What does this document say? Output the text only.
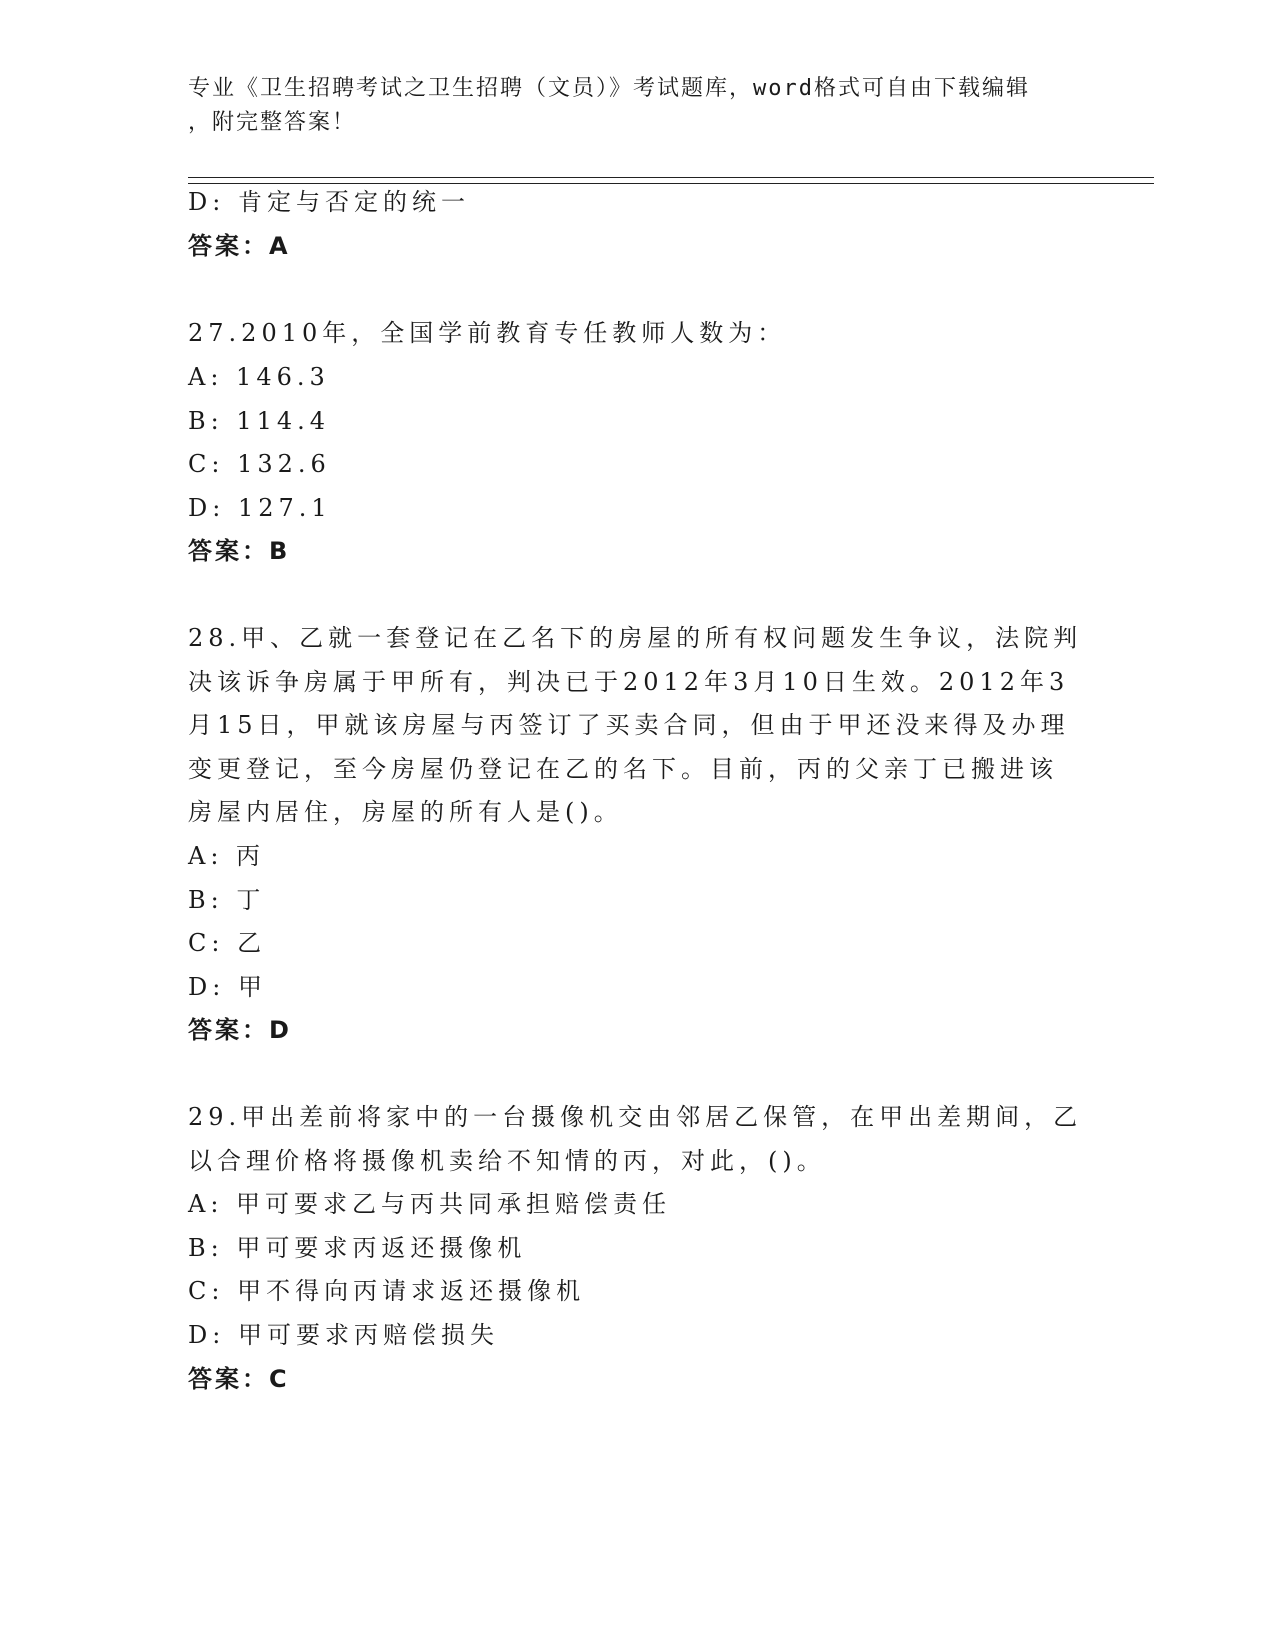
专业《卫生招聘考试之卫生招聘（文员）》考试题库，word格式可自由下载编辑
，附完整答案！
D: 肯定与否定的统一
答案：A
27.2010年，全国学前教育专任教师人数为：
A: 146.3
B: 114.4
C: 132.6
D: 127.1
答案：B
28.甲、乙就一套登记在乙名下的房屋的所有权问题发生争议，法院判
决该诉争房属于甲所有，判决已于2012年3月10日生效。2012年3
月15日，甲就该房屋与丙签订了买卖合同，但由于甲还没来得及办理
变更登记，至今房屋仍登记在乙的名下。目前，丙的父亲丁已搬进该
房屋内居住，房屋的所有人是()。
A: 丙
B: 丁
C: 乙
D: 甲
答案：D
29.甲出差前将家中的一台摄像机交由邻居乙保管，在甲出差期间，乙
以合理价格将摄像机卖给不知情的丙，对此，()。
A: 甲可要求乙与丙共同承担赔偿责任
B: 甲可要求丙返还摄像机
C: 甲不得向丙请求返还摄像机
D: 甲可要求丙赔偿损失
答案：C
